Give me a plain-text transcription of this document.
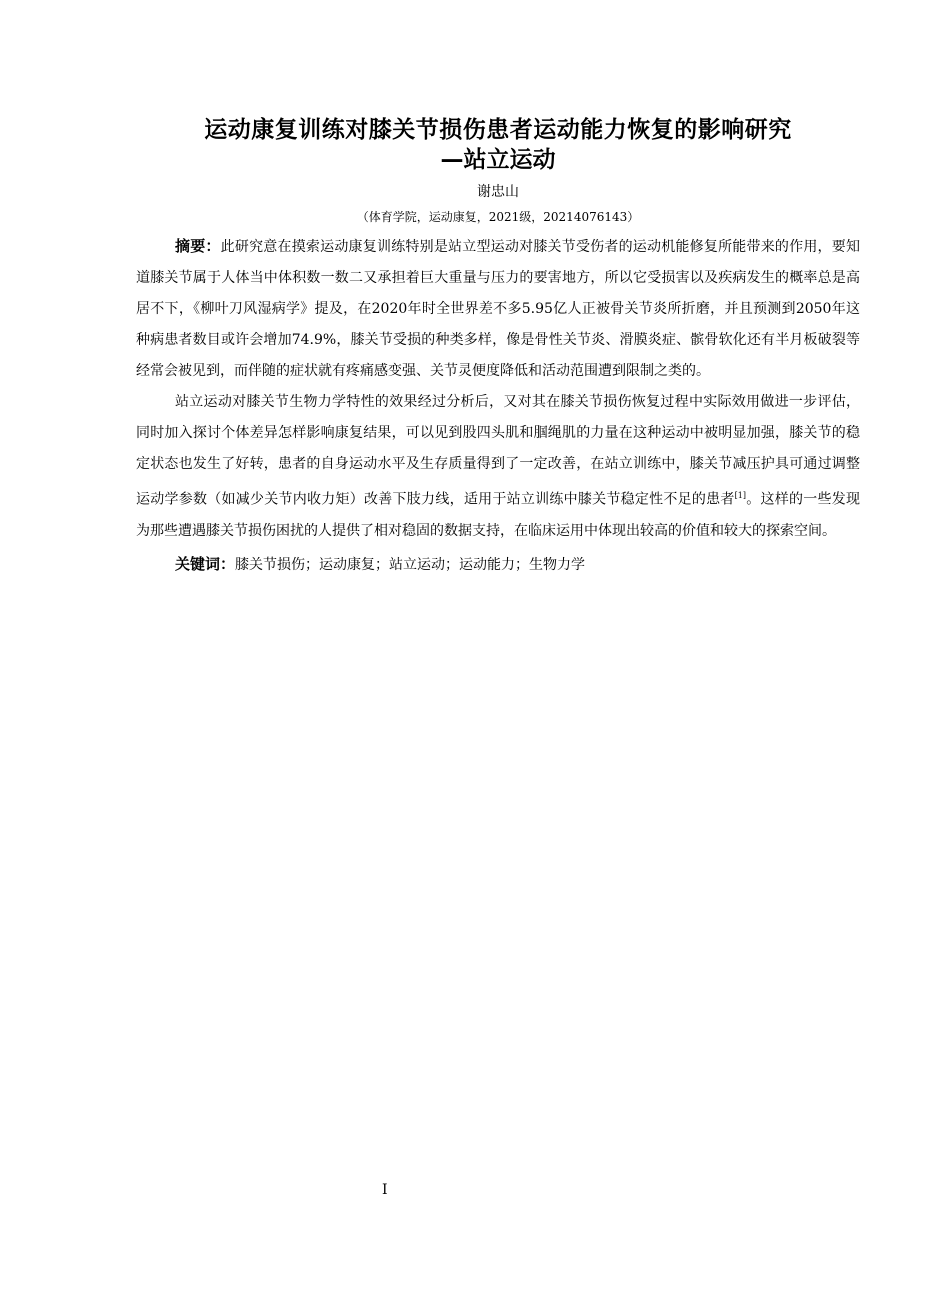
运动康复训练对膝关节损伤患者运动能力恢复的影响研究
—站立运动
谢忠山
（体育学院，运动康复，2021级，20214076143）

摘要：此研究意在摸索运动康复训练特别是站立型运动对膝关节受伤者的运动机能修复所能带来的作用，要知道膝关节属于人体当中体积数一数二又承担着巨大重量与压力的要害地方，所以它受损害以及疾病发生的概率总是高居不下，《柳叶刀风湿病学》提及，在2020年时全世界差不多5.95亿人正被骨关节炎所折磨，并且预测到2050年这种病患者数目或许会增加74.9%，膝关节受损的种类多样，像是骨性关节炎、滑膜炎症、髌骨软化还有半月板破裂等经常会被见到，而伴随的症状就有疼痛感变强、关节灵便度降低和活动范围遭到限制之类的。

站立运动对膝关节生物力学特性的效果经过分析后，又对其在膝关节损伤恢复过程中实际效用做进一步评估，同时加入探讨个体差异怎样影响康复结果，可以见到股四头肌和腘绳肌的力量在这种运动中被明显加强，膝关节的稳定状态也发生了好转，患者的自身运动水平及生存质量得到了一定改善，在站立训练中，膝关节减压护具可通过调整运动学参数（如减少关节内收力矩）改善下肢力线，适用于站立训练中膝关节稳定性不足的患者[1]。这样的一些发现为那些遭遇膝关节损伤困扰的人提供了相对稳固的数据支持，在临床运用中体现出较高的价值和较大的探索空间。

关键词：膝关节损伤；运动康复；站立运动；运动能力；生物力学
I
